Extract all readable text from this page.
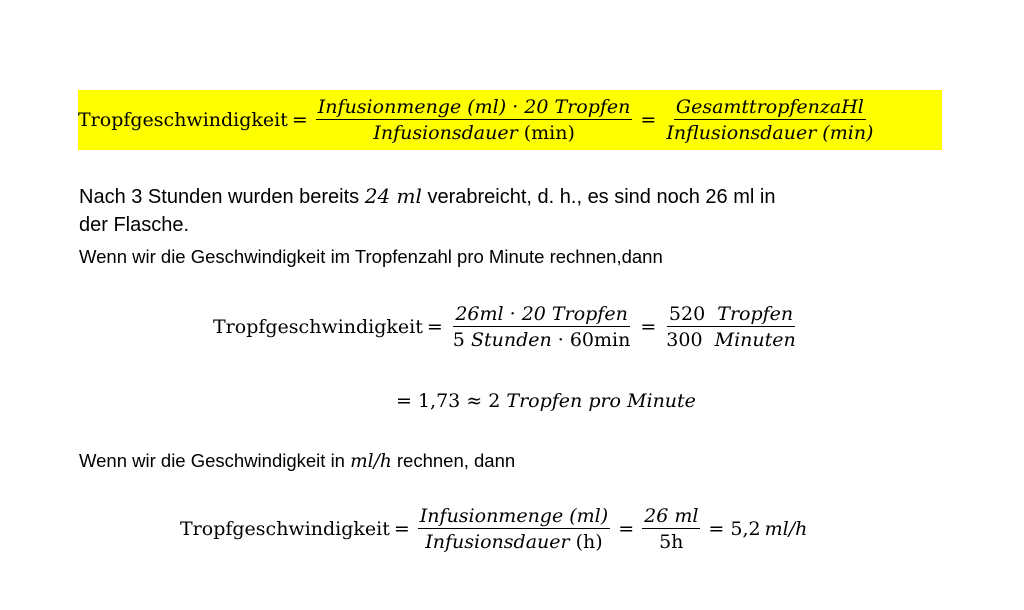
Tropfgeschwindigkeit = $\frac{\text{Infusionmenge (ml) · 20 Tropfen}}{\text{Infusionsdauer (min)}} = \frac{\text{GesamttropfenzaHl}}{\text{Influsionsdauer (min)}}$
Nach 3 Stunden wurden bereits 24 ml verabreicht, d. h., es sind noch 26 ml in
der Flasche.
Wenn wir die Geschwindigkeit im Tropfenzahl pro Minute rechnen,dann
Tropfgeschwindigkeit = $\frac{\text{26ml · 20 Tropfen}}{\text{5 Stunden · 60min}} = \frac{\text{520 Tropfen}}{\text{300 Minuten}}$
= 1,73 ≈ 2
Tropfen pro Minute
Wenn wir die Geschwindigkeit in ml/h rechnen, dann
Tropfgeschwindigkeit = $\frac{\text{Infusionmenge (ml)}}{\text{Infusionsdauer (h)}} = \frac{26 ml}{5h} = 5,2$ ml/h
